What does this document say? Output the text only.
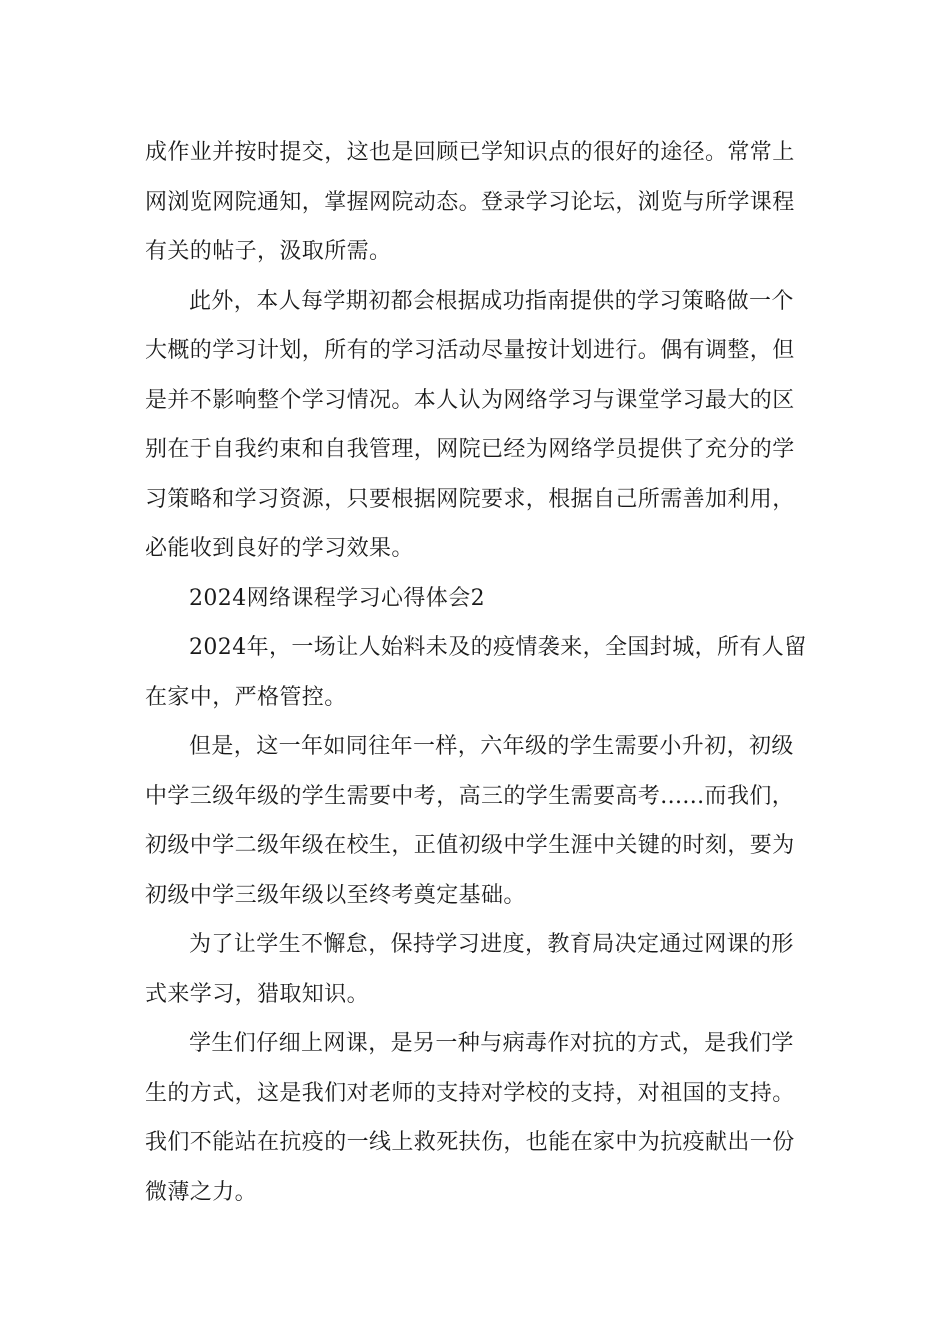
成作业并按时提交，这也是回顾已学知识点的很好的途径。常常上网浏览网院通知，掌握网院动态。登录学习论坛，浏览与所学课程有关的帖子，汲取所需。

此外，本人每学期初都会根据成功指南提供的学习策略做一个大概的学习计划，所有的学习活动尽量按计划进行。偶有调整，但是并不影响整个学习情况。本人认为网络学习与课堂学习最大的区别在于自我约束和自我管理，网院已经为网络学员提供了充分的学习策略和学习资源，只要根据网院要求，根据自己所需善加利用，必能收到良好的学习效果。

2024网络课程学习心得体会2

2024年，一场让人始料未及的疫情袭来，全国封城，所有人留在家中，严格管控。

但是，这一年如同往年一样，六年级的学生需要小升初，初级中学三级年级的学生需要中考，高三的学生需要高考......而我们，初级中学二级年级在校生，正值初级中学生涯中关键的时刻，要为初级中学三级年级以至终考奠定基础。

为了让学生不懈怠，保持学习进度，教育局决定通过网课的形式来学习，猎取知识。

学生们仔细上网课，是另一种与病毒作对抗的方式，是我们学生的方式，这是我们对老师的支持对学校的支持，对祖国的支持。我们不能站在抗疫的一线上救死扶伤，也能在家中为抗疫献出一份微薄之力。
